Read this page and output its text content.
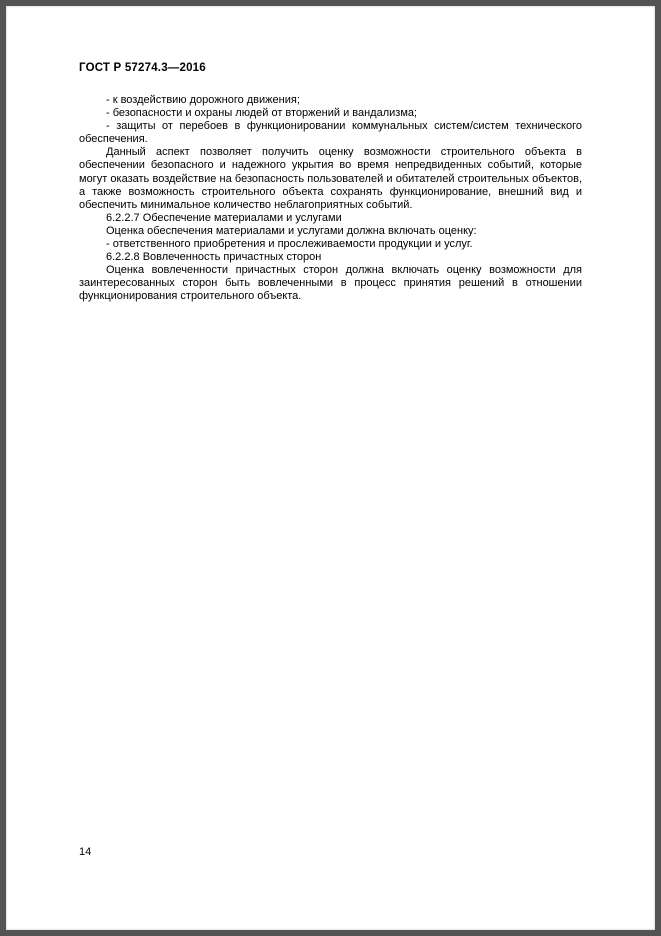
ГОСТ Р 57274.3—2016

- к воздействию дорожного движения;

- безопасности и охраны людей от вторжений и вандализма;

- защиты от перебоев в функционировании коммунальных систем/систем технического обеспечения.

Данный аспект позволяет получить оценку возможности строительного объекта в обеспечении безопасного и надежного укрытия во время непредвиденных событий, которые могут оказать воздействие на безопасность пользователей и обитателей строительных объектов, а также возможность строительного объекта сохранять функционирование, внешний вид и обеспечить минимальное количество неблагоприятных событий.

6.2.2.7 Обеспечение материалами и услугами

Оценка обеспечения материалами и услугами должна включать оценку:

- ответственного приобретения и прослеживаемости продукции и услуг.

6.2.2.8 Вовлеченность причастных сторон

Оценка вовлеченности причастных сторон должна включать оценку возможности для заинтересованных сторон быть вовлеченными в процесс принятия решений в отношении функционирования строительного объекта.

14
